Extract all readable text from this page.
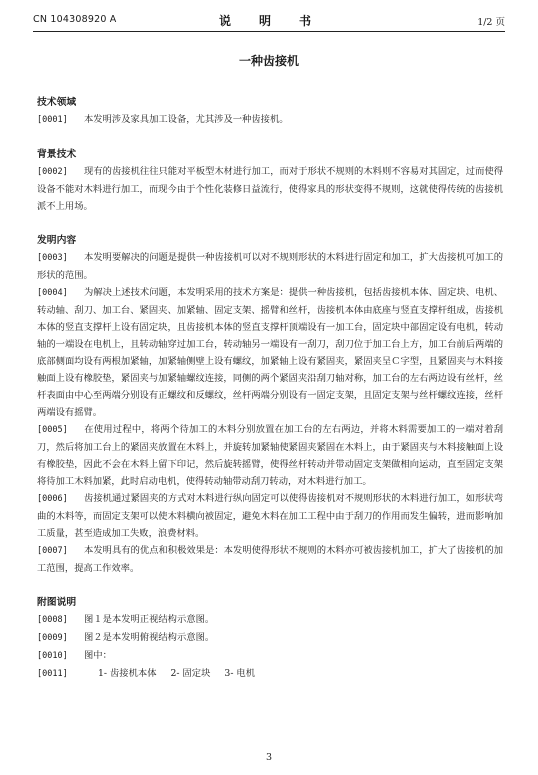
CN 104308920 A	说　明　书	1/2 页
一种齿接机
技术领域
[0001] 本发明涉及家具加工设备，尤其涉及一种齿接机。
背景技术
[0002] 现有的齿接机往往只能对平板型木材进行加工，而对于形状不规则的木料则不容易对其固定，过而使得设备不能对木料进行加工，而现今由于个性化装修日益流行，使得家具的形状变得不规则，这就使得传统的齿接机派不上用场。
发明内容
[0003] 本发明要解决的问题是提供一种齿接机可以对不规则形状的木料进行固定和加工，扩大齿接机可加工的形状的范围。
[0004] 为解决上述技术问题，本发明采用的技术方案是：提供一种齿接机，包括齿接机本体、固定块、电机、转动轴、刮刀、加工台、紧固夹、加紧轴、固定支架、摇臂和丝杆，齿接机本体由底座与竖直支撑杆组成，齿接机本体的竖直支撑杆上设有固定块，且齿接机本体的竖直支撑杆顶端设有一加工台，固定块中部固定设有电机，转动轴的一端设在电机上，且转动轴穿过加工台，转动轴另一端设有一刮刀，刮刀位于加工台上方，加工台前后两端的底部侧面均设有两根加紧轴，加紧轴侧壁上设有螺纹，加紧轴上设有紧固夹，紧固夹呈Ｃ字型，且紧固夹与木料接触面上设有橡胶垫，紧固夹与加紧轴螺纹连接，同侧的两个紧固夹沿刮刀轴对称，加工台的左右两边设有丝杆，丝杆表面由中心至两端分别设有正螺纹和反螺纹，丝杆两端分别设有一固定支架，且固定支架与丝杆螺纹连接，丝杆两端设有摇臂。
[0005] 在使用过程中，将两个待加工的木料分别放置在加工台的左右两边，并将木料需要加工的一端对着刮刀，然后将加工台上的紧固夹放置在木料上，并旋转加紧轴使紧固夹紧固在木料上，由于紧固夹与木料接触面上设有橡胶垫，因此不会在木料上留下印记，然后旋转摇臂，使得丝杆转动并带动固定支架做相向运动，直至固定支架将待加工木料加紧，此时启动电机，使得转动轴带动刮刀转动，对木料进行加工。
[0006] 齿接机通过紧固夹的方式对木料进行纵向固定可以使得齿接机对不规则形状的木料进行加工，如形状弯曲的木料等，而固定支架可以使木料横向被固定，避免木料在加工工程中由于刮刀的作用而发生偏转，进而影响加工质量，甚至造成加工失败，浪费材料。
[0007] 本发明具有的优点和积极效果是：本发明使得形状不规则的木料亦可被齿接机加工，扩大了齿接机的加工范围，提高工作效率。
附图说明
[0008] 图１是本发明正视结构示意图。
[0009] 图２是本发明俯视结构示意图。
[0010] 图中：
[0011]	1- 齿接机本体 2- 固定块 3- 电机
3
